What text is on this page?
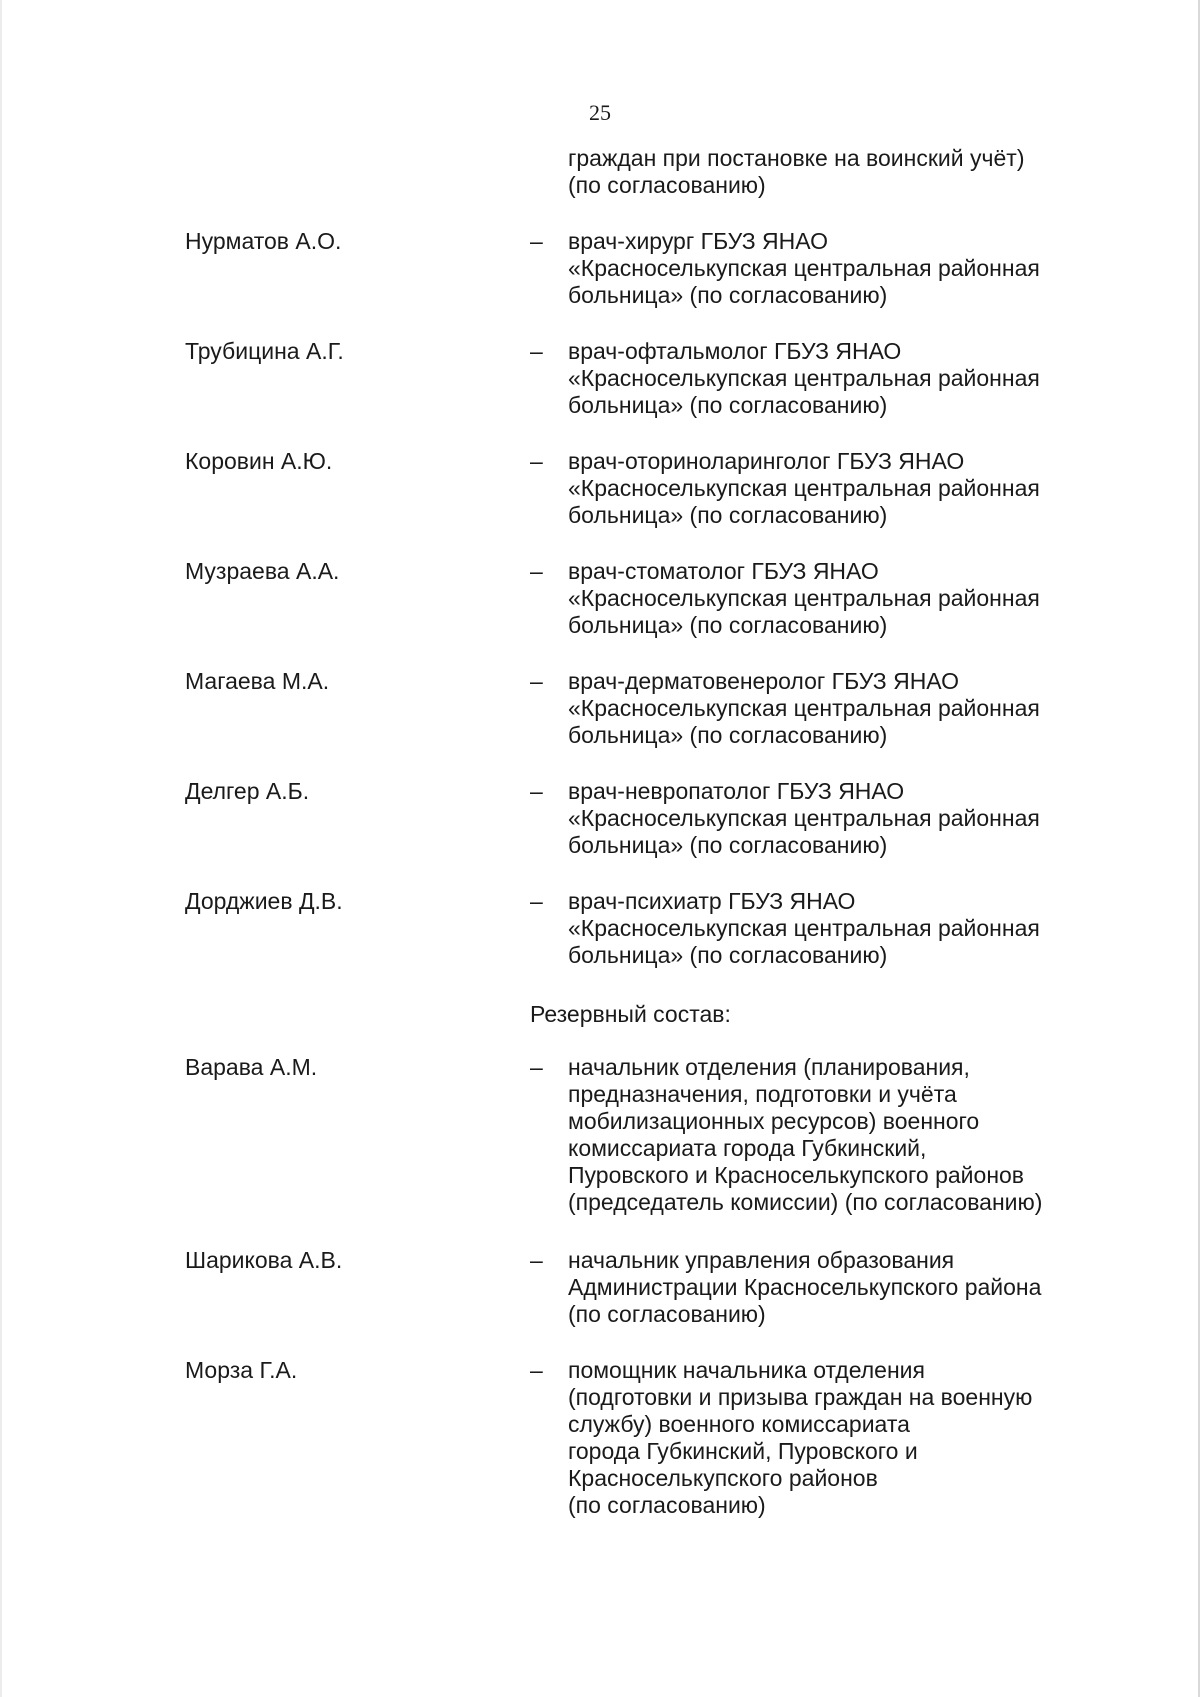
25
граждан при постановке на воинский учёт)
(по согласованию)
Нурматов А.О.	–	врач-хирург ГБУЗ ЯНАО
«Красноселькупская центральная районная
больница» (по согласованию)
Трубицина А.Г.	–	врач-офтальмолог ГБУЗ ЯНАО
«Красноселькупская центральная районная
больница» (по согласованию)
Коровин А.Ю.	–	врач-оториноларинголог ГБУЗ ЯНАО
«Красноселькупская центральная районная
больница» (по согласованию)
Музраева А.А.	–	врач-стоматолог ГБУЗ ЯНАО
«Красноселькупская центральная районная
больница» (по согласованию)
Магаева М.А.	–	врач-дерматовенеролог ГБУЗ ЯНАО
«Красноселькупская центральная районная
больница» (по согласованию)
Делгер А.Б.	–	врач-невропатолог ГБУЗ ЯНАО
«Красноселькупская центральная районная
больница» (по согласованию)
Дорджиев Д.В.	–	врач-психиатр ГБУЗ ЯНАО
«Красноселькупская центральная районная
больница» (по согласованию)
Резервный состав:
Варава А.М.	–	начальник отделения (планирования,
предназначения, подготовки и учёта
мобилизационных ресурсов) военного
комиссариата города Губкинский,
Пуровского и Красноселькупского районов
(председатель комиссии) (по согласованию)
Шарикова А.В.	–	начальник управления образования
Администрации Красноселькупского района
(по согласованию)
Морза Г.А.	–	помощник начальника отделения
(подготовки и призыва граждан на военную
службу) военного комиссариата
города Губкинский, Пуровского и
Красноселькупского районов
(по согласованию)
